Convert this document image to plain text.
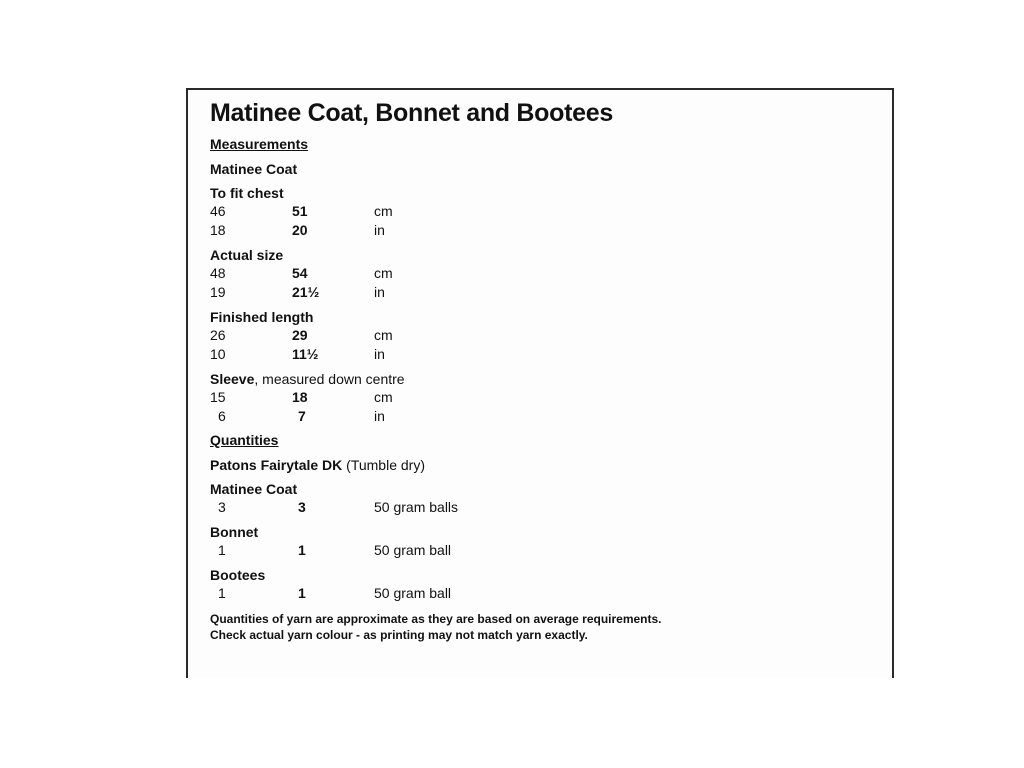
Matinee Coat, Bonnet and Bootees
Measurements
Matinee Coat
To fit chest
46	51	cm
18	20	in
Actual size
48	54	cm
19	21½	in
Finished length
26	29	cm
10	11½	in
Sleeve, measured down centre
15	18	cm
6	7	in
Quantities
Patons Fairytale DK (Tumble dry)
Matinee Coat
3	3	50 gram balls
Bonnet
1	1	50 gram ball
Bootees
1	1	50 gram ball
Quantities of yarn are approximate as they are based on average requirements.
Check actual yarn colour - as printing may not match yarn exactly.
